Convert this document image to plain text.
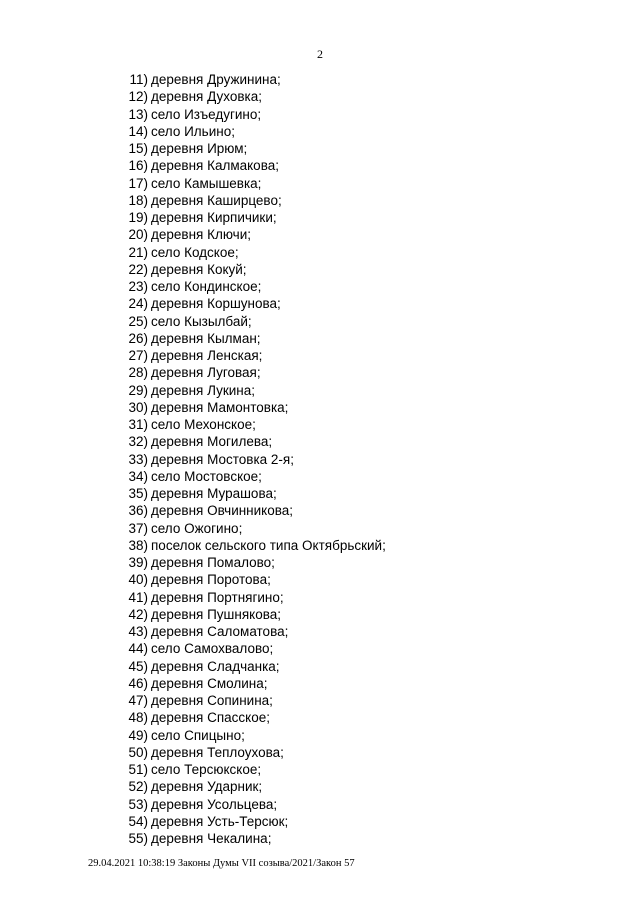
2
11) деревня Дружинина;
12) деревня Духовка;
13) село Изъедугино;
14) село Ильино;
15) деревня Ирюм;
16) деревня Калмакова;
17) село Камышевка;
18) деревня Каширцево;
19) деревня Кирпичики;
20) деревня Ключи;
21) село Кодское;
22) деревня Кокуй;
23) село Кондинское;
24) деревня Коршунова;
25) село Кызылбай;
26) деревня Кылман;
27) деревня Ленская;
28) деревня Луговая;
29) деревня Лукина;
30) деревня Мамонтовка;
31) село Мехонское;
32) деревня Могилева;
33) деревня Мостовка 2-я;
34) село Мостовское;
35) деревня Мурашова;
36) деревня Овчинникова;
37) село Ожогино;
38) поселок сельского типа Октябрьский;
39) деревня Помалово;
40) деревня Поротова;
41) деревня Портнягино;
42) деревня Пушнякова;
43) деревня Саломатова;
44) село Самохвалово;
45) деревня Сладчанка;
46) деревня Смолина;
47) деревня Сопинина;
48) деревня Спасское;
49) село Спицыно;
50) деревня Теплоухова;
51) село Терсюкское;
52) деревня Ударник;
53) деревня Усольцева;
54) деревня Усть-Терсюк;
55) деревня Чекалина;
29.04.2021 10:38:19 Законы Думы VII созыва/2021/Закон 57
